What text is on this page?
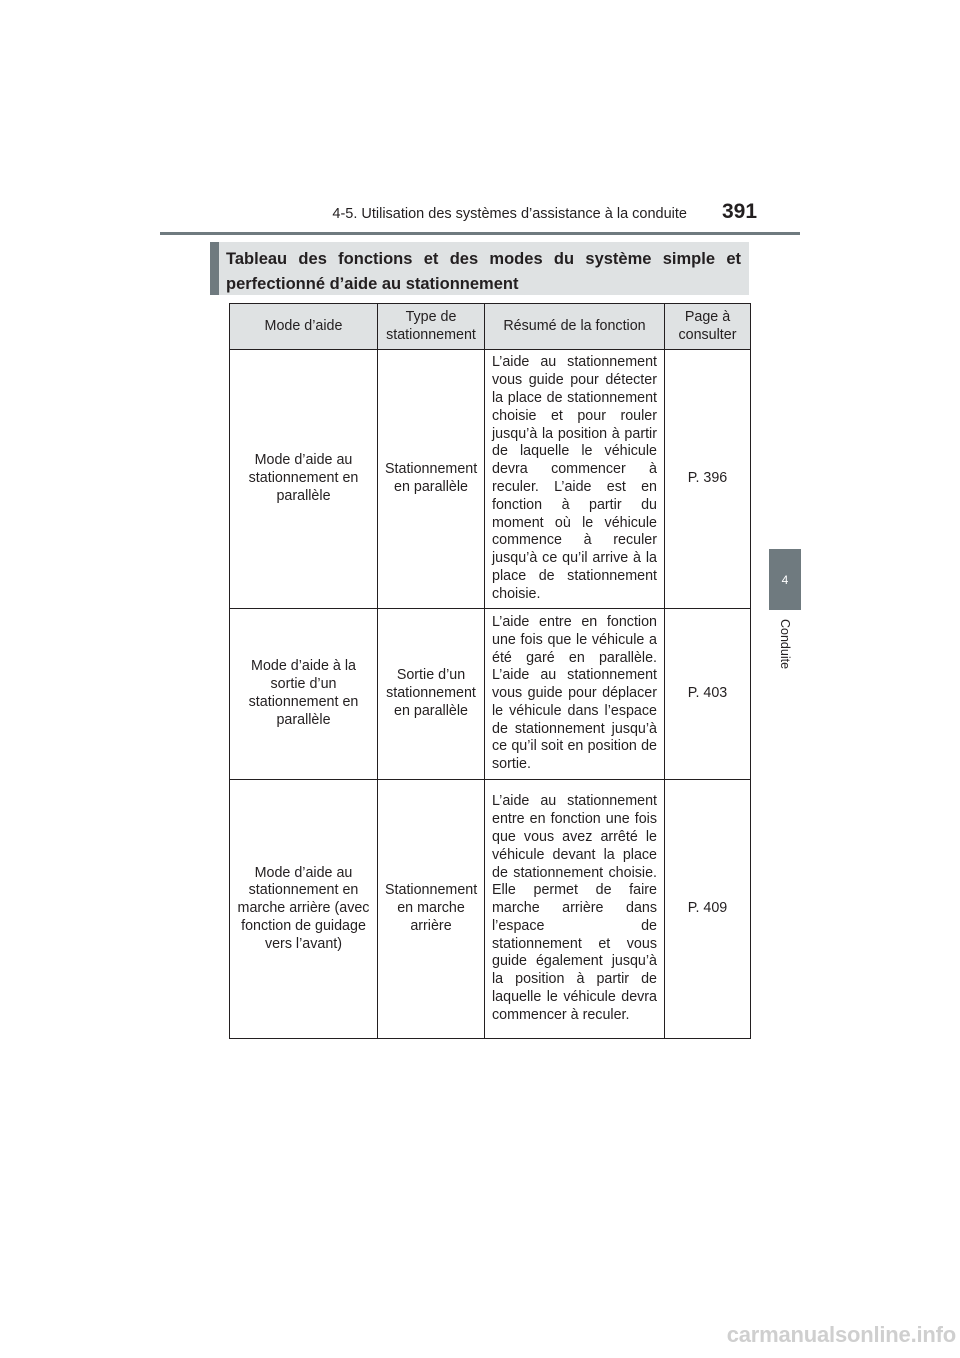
4-5. Utilisation des systèmes d’assistance à la conduite 391
4
Conduite
Tableau des fonctions et des modes du système simple et perfectionné d’aide au stationnement
Mode d’aide	Type de stationnement	Résumé de la fonction	Page à consulter
Mode d’aide au stationnement en parallèle	Stationnement en parallèle	L’aide au stationnement vous guide pour détecter la place de stationnement choisie et pour rouler jusqu’à la position à partir de laquelle le véhicule devra commencer à reculer. L’aide est en fonction à partir du moment où le véhicule commence à reculer jusqu’à ce qu’il arrive à la place de stationnement choisie.	P. 396
Mode d’aide à la sortie d’un stationnement en parallèle	Sortie d’un stationnement en parallèle	L’aide entre en fonction une fois que le véhicule a été garé en parallèle. L’aide au stationnement vous guide pour déplacer le véhicule dans l’espace de stationnement jusqu’à ce qu’il soit en position de sortie.	P. 403
Mode d’aide au stationnement en marche arrière (avec fonction de guidage vers l’avant)	Stationnement en marche arrière	L’aide au stationnement entre en fonction une fois que vous avez arrêté le véhicule devant la place de stationnement choisie. Elle permet de faire marche arrière dans l’espace de stationnement et vous guide également jusqu’à la position à partir de laquelle le véhicule devra commencer à reculer.	P. 409
carmanualsonline.info
